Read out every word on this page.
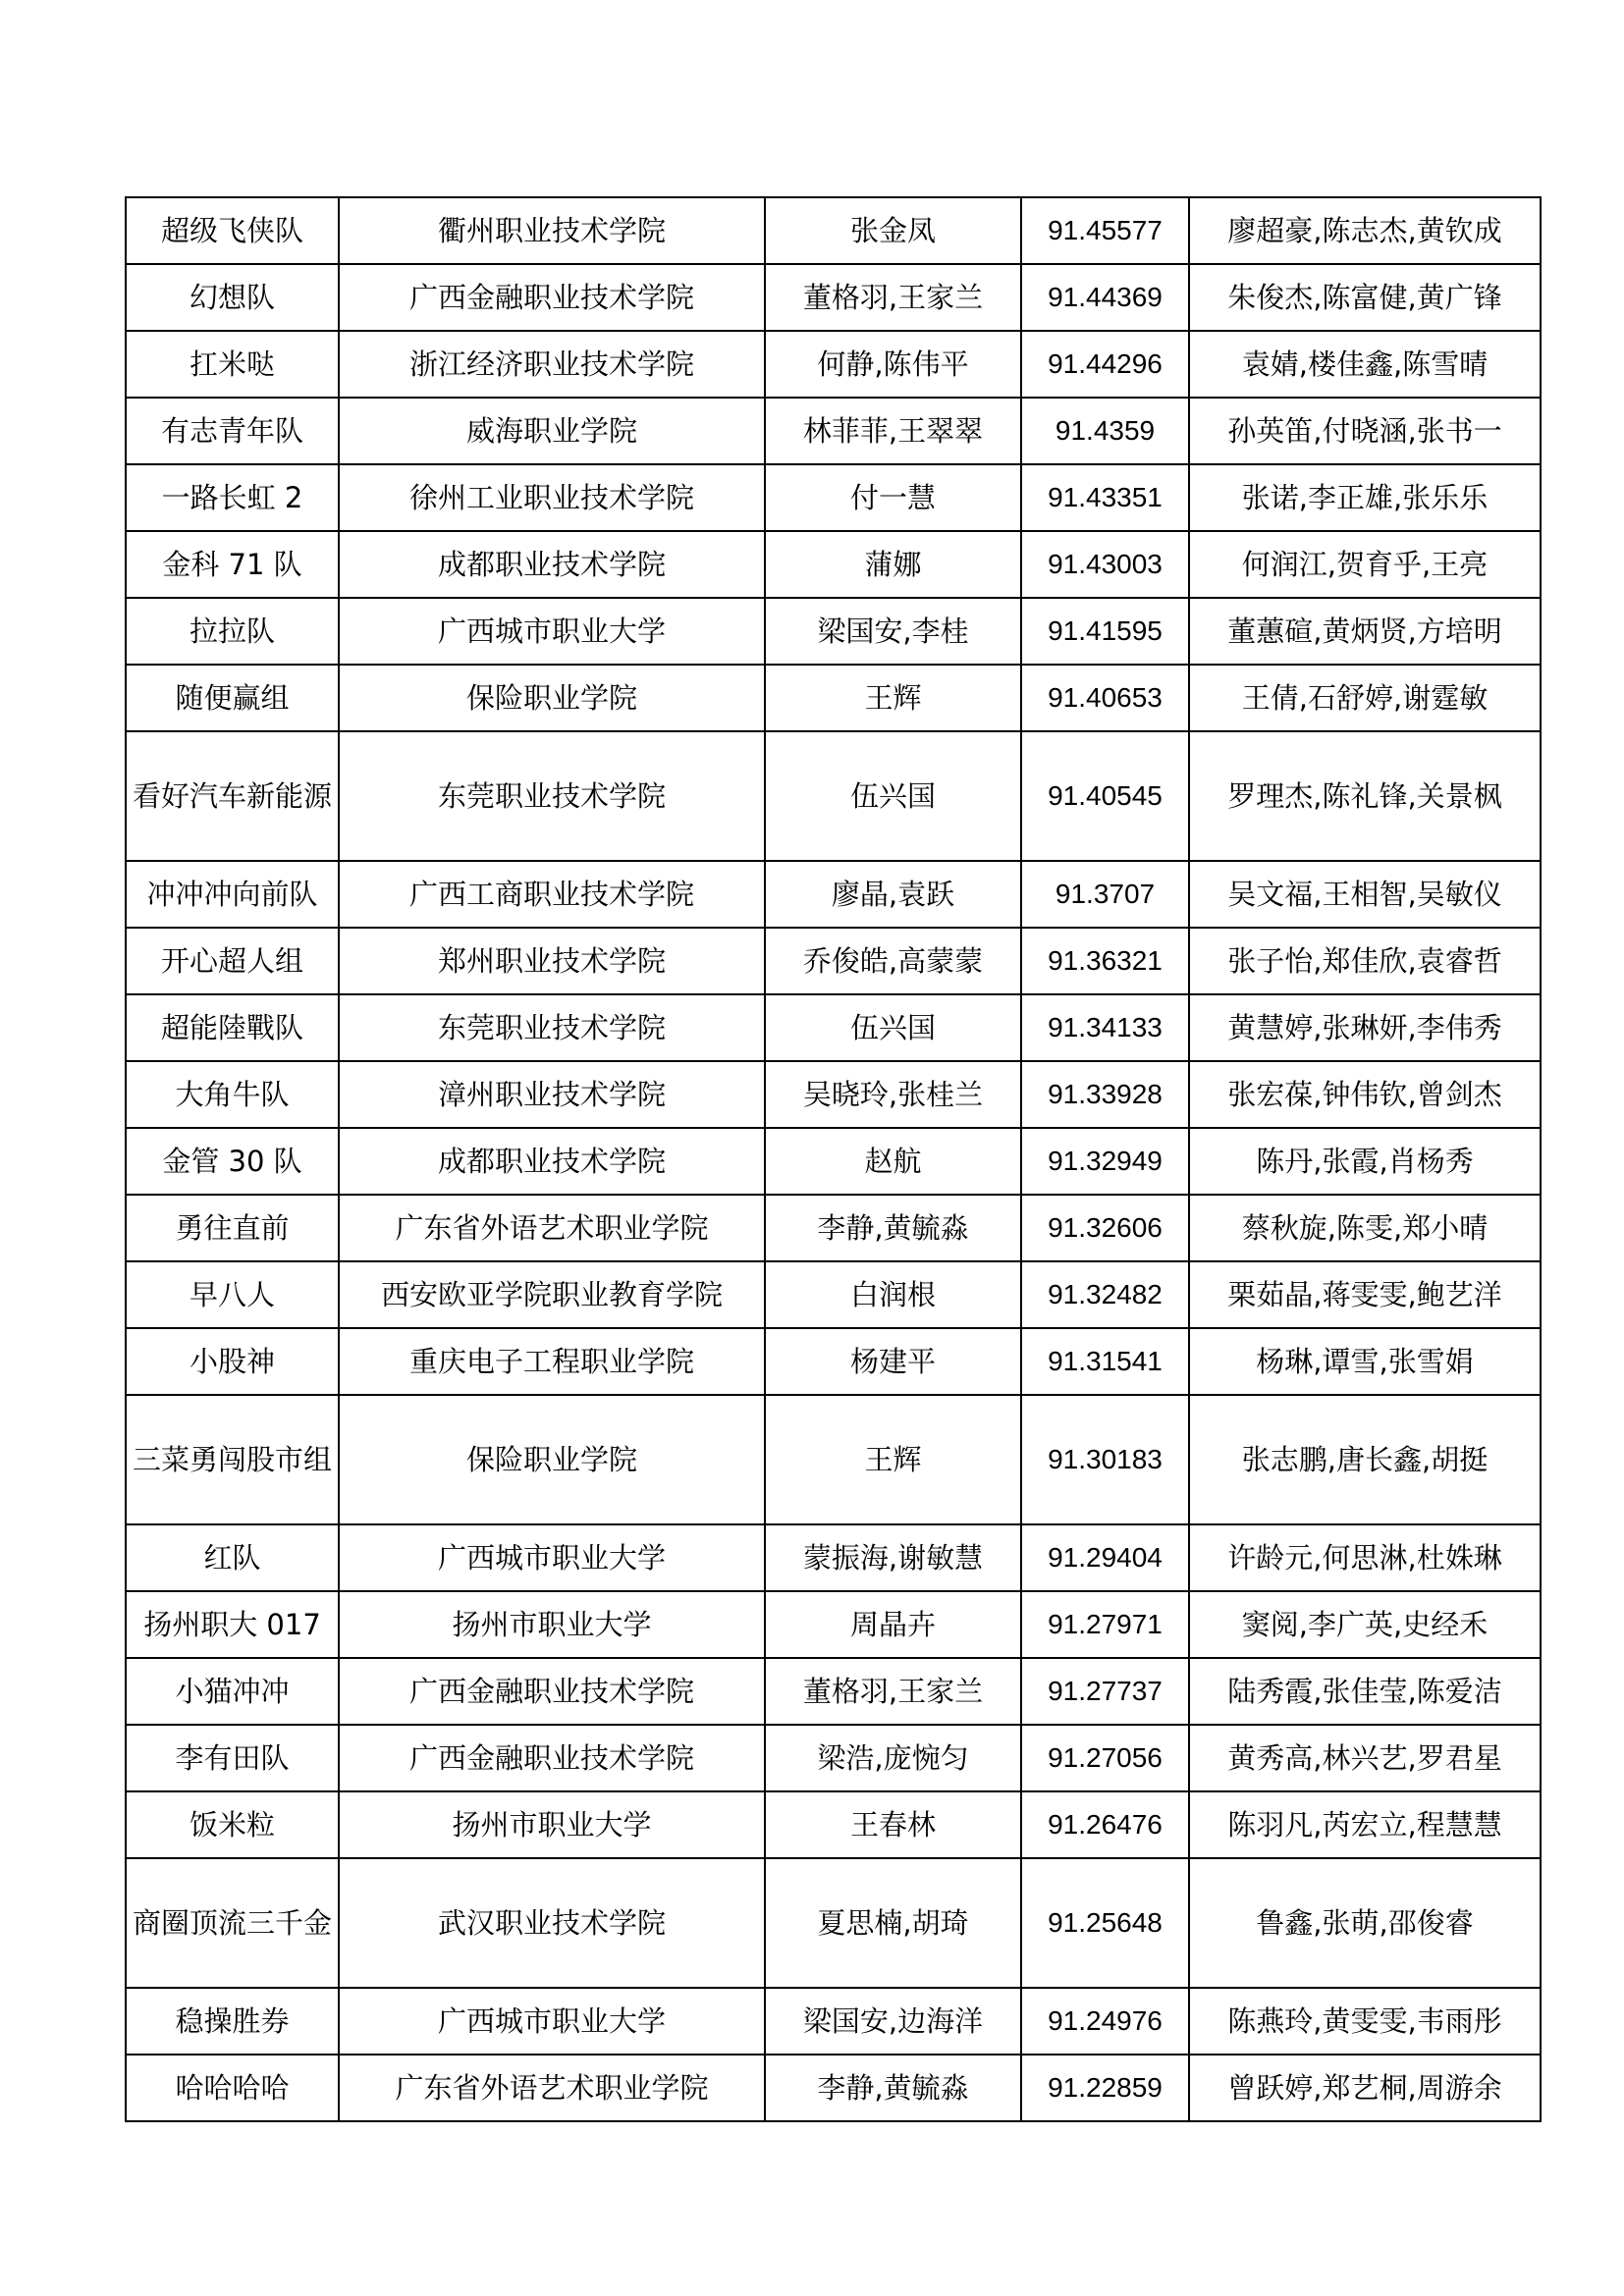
超级飞侠队	衢州职业技术学院	张金凤	91.45577	廖超豪,陈志杰,黄钦成
幻想队	广西金融职业技术学院	董格羽,王家兰	91.44369	朱俊杰,陈富健,黄广锋
扛米哒	浙江经济职业技术学院	何静,陈伟平	91.44296	袁婧,楼佳鑫,陈雪晴
有志青年队	威海职业学院	林菲菲,王翠翠	91.4359	孙英笛,付晓涵,张书一
一路长虹 2	徐州工业职业技术学院	付一慧	91.43351	张诺,李正雄,张乐乐
金科 71 队	成都职业技术学院	蒲娜	91.43003	何润江,贺育乎,王亮
拉拉队	广西城市职业大学	梁国安,李桂	91.41595	董蕙碹,黄炳贤,方培明
随便赢组	保险职业学院	王辉	91.40653	王倩,石舒婷,谢霆敏
看好汽车新能源	东莞职业技术学院	伍兴国	91.40545	罗理杰,陈礼锋,关景枫
冲冲冲向前队	广西工商职业技术学院	廖晶,袁跃	91.3707	吴文福,王相智,吴敏仪
开心超人组	郑州职业技术学院	乔俊皓,高蒙蒙	91.36321	张子怡,郑佳欣,袁睿哲
超能陸戰队	东莞职业技术学院	伍兴国	91.34133	黄慧婷,张琳妍,李伟秀
大角牛队	漳州职业技术学院	吴晓玲,张桂兰	91.33928	张宏葆,钟伟钦,曾剑杰
金管 30 队	成都职业技术学院	赵航	91.32949	陈丹,张霞,肖杨秀
勇往直前	广东省外语艺术职业学院	李静,黄毓淼	91.32606	蔡秋旋,陈雯,郑小晴
早八人	西安欧亚学院职业教育学院	白润根	91.32482	栗茹晶,蒋雯雯,鲍艺洋
小股神	重庆电子工程职业学院	杨建平	91.31541	杨琳,谭雪,张雪娟
三菜勇闯股市组	保险职业学院	王辉	91.30183	张志鹏,唐长鑫,胡挺
红队	广西城市职业大学	蒙振海,谢敏慧	91.29404	许龄元,何思淋,杜姝琳
扬州职大 017	扬州市职业大学	周晶卉	91.27971	窦阅,李广英,史经禾
小猫冲冲	广西金融职业技术学院	董格羽,王家兰	91.27737	陆秀霞,张佳莹,陈爱洁
李有田队	广西金融职业技术学院	梁浩,庞惋匀	91.27056	黄秀高,林兴艺,罗君星
饭米粒	扬州市职业大学	王春林	91.26476	陈羽凡,芮宏立,程慧慧
商圈顶流三千金	武汉职业技术学院	夏思楠,胡琦	91.25648	鲁鑫,张萌,邵俊睿
稳操胜券	广西城市职业大学	梁国安,边海洋	91.24976	陈燕玲,黄雯雯,韦雨彤
哈哈哈哈	广东省外语艺术职业学院	李静,黄毓淼	91.22859	曾跃婷,郑艺桐,周游余
